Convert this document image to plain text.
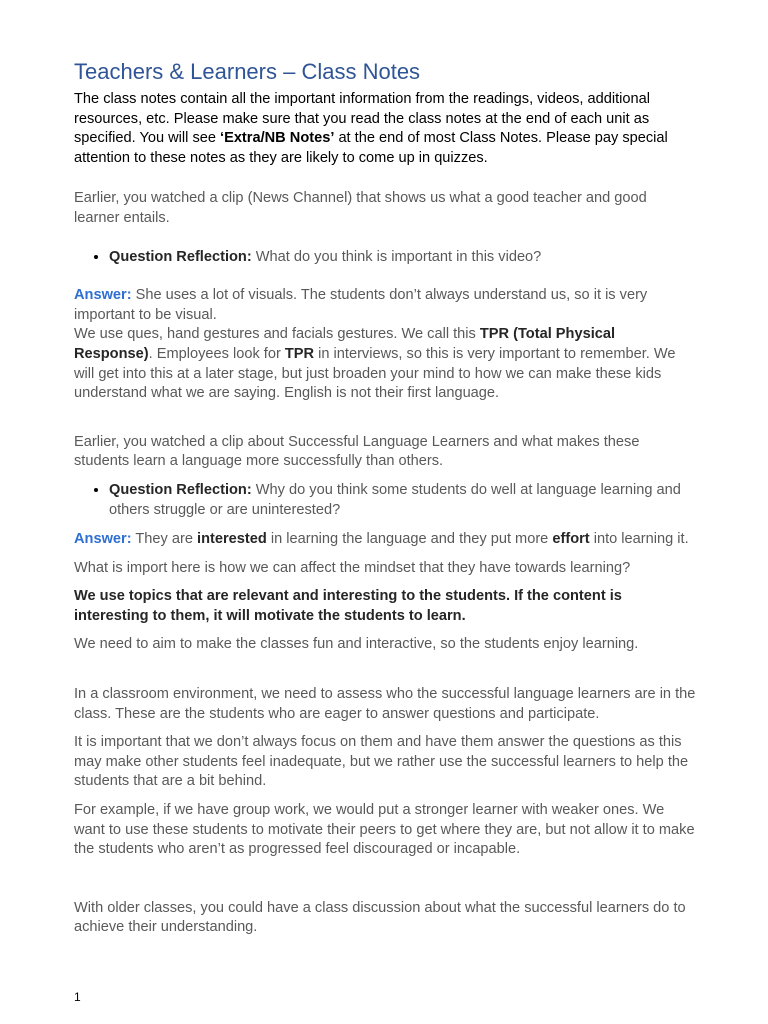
Teachers & Learners – Class Notes

The class notes contain all the important information from the readings, videos, additional resources, etc. Please make sure that you read the class notes at the end of each unit as specified. You will see ‘Extra/NB Notes’ at the end of most Class Notes. Please pay special attention to these notes as they are likely to come up in quizzes.

Earlier, you watched a clip (News Channel) that shows us what a good teacher and good learner entails.

• Question Reflection: What do you think is important in this video?

Answer: She uses a lot of visuals. The students don’t always understand us, so it is very important to be visual.

We use ques, hand gestures and facials gestures. We call this TPR (Total Physical Response). Employees look for TPR in interviews, so this is very important to remember. We will get into this at a later stage, but just broaden your mind to how we can make these kids understand what we are saying. English is not their first language.

Earlier, you watched a clip about Successful Language Learners and what makes these students learn a language more successfully than others.

• Question Reflection: Why do you think some students do well at language learning and others struggle or are uninterested?

Answer: They are interested in learning the language and they put more effort into learning it.

What is import here is how we can affect the mindset that they have towards learning?

We use topics that are relevant and interesting to the students. If the content is interesting to them, it will motivate the students to learn.

We need to aim to make the classes fun and interactive, so the students enjoy learning.

In a classroom environment, we need to assess who the successful language learners are in the class. These are the students who are eager to answer questions and participate.

It is important that we don’t always focus on them and have them answer the questions as this may make other students feel inadequate, but we rather use the successful learners to help the students that are a bit behind.

For example, if we have group work, we would put a stronger learner with weaker ones. We want to use these students to motivate their peers to get where they are, but not allow it to make the students who aren’t as progressed feel discouraged or incapable.

With older classes, you could have a class discussion about what the successful learners do to achieve their understanding.

1
